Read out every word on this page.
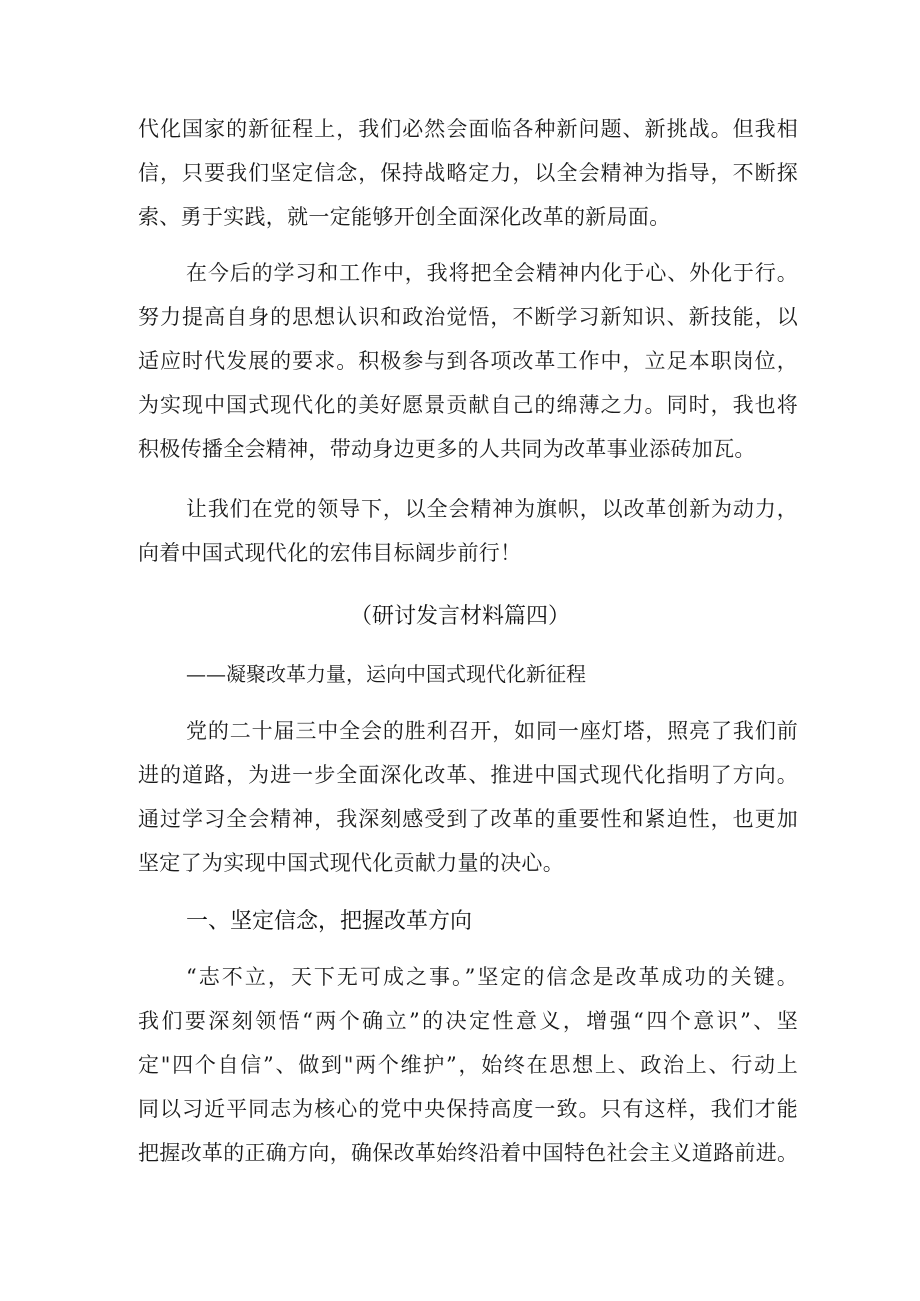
代化国家的新征程上，我们必然会面临各种新问题、新挑战。但我相
信，只要我们坚定信念，保持战略定力，以全会精神为指导，不断探
索、勇于实践，就一定能够开创全面深化改革的新局面。
在今后的学习和工作中，我将把全会精神内化于心、外化于行。
努力提高自身的思想认识和政治觉悟，不断学习新知识、新技能，以
适应时代发展的要求。积极参与到各项改革工作中，立足本职岗位，
为实现中国式现代化的美好愿景贡献自己的绵薄之力。同时，我也将
积极传播全会精神，带动身边更多的人共同为改革事业添砖加瓦。
让我们在党的领导下，以全会精神为旗帜，以改革创新为动力，
向着中国式现代化的宏伟目标阔步前行！
（研讨发言材料篇四）
——凝聚改革力量，运向中国式现代化新征程
党的二十届三中全会的胜利召开，如同一座灯塔，照亮了我们前
进的道路，为进一步全面深化改革、推进中国式现代化指明了方向。
通过学习全会精神，我深刻感受到了改革的重要性和紧迫性，也更加
坚定了为实现中国式现代化贡献力量的决心。
一、坚定信念，把握改革方向
“志不立，天下无可成之事。”坚定的信念是改革成功的关键。
我们要深刻领悟“两个确立”的决定性意义，增强“四个意识”、坚
定"四个自信”、做到"两个维护”，始终在思想上、政治上、行动上
同以习近平同志为核心的党中央保持高度一致。只有这样，我们才能
把握改革的正确方向，确保改革始终沿着中国特色社会主义道路前进。
